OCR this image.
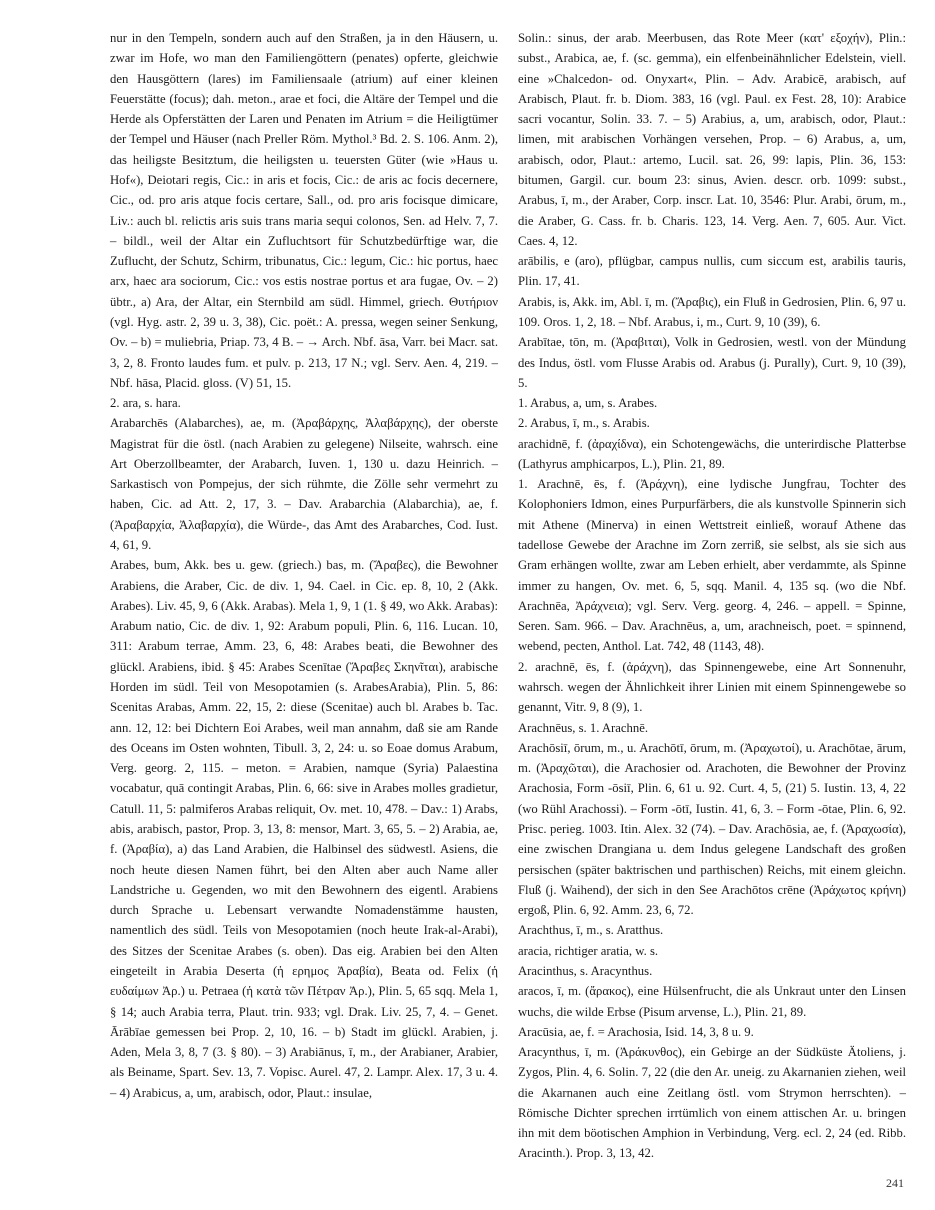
nur in den Tempeln, sondern auch auf den Straßen, ja in den Häusern, u. zwar im Hofe, wo man den Familiengöttern (penates) opferte, gleichwie den Hausgöttern (lares) im Familiensaale (atrium) auf einer kleinen Feuerstätte (focus); dah. meton., arae et foci, die Altäre der Tempel und die Herde als Opferstätten der Laren und Penaten im Atrium = die Heiligtümer der Tempel und Häuser (nach Preller Röm. Mythol.³ Bd. 2. S. 106. Anm. 2), das heiligste Besitztum, die heiligsten u. teuersten Güter (wie »Haus u. Hof«), Deiotari regis, Cic.: in aris et focis, Cic.: de aris ac focis decernere, Cic., od. pro aris atque focis certare, Sall., od. pro aris focisque dimicare, Liv.: auch bl. relictis aris suis trans maria sequi colonos, Sen. ad Helv. 7, 7. – bildl., weil der Altar ein Zufluchtsort für Schutzbedürftige war, die Zuflucht, der Schutz, Schirm, tribunatus, Cic.: legum, Cic.: hic portus, haec arx, haec ara sociorum, Cic.: vos estis nostrae portus et ara fugae, Ov. – 2) übtr., a) Ara, der Altar, ein Sternbild am südl. Himmel, griech. Θυτήριον (vgl. Hyg. astr. 2, 39 u. 3, 38), Cic. poët.: A. pressa, wegen seiner Senkung, Ov. – b) = muliebria, Priap. 73, 4 B. – → Arch. Nbf. āsa, Varr. bei Macr. sat. 3, 2, 8. Fronto laudes fum. et pulv. p. 213, 17 N.; vgl. Serv. Aen. 4, 219. – Nbf. hāsa, Placid. gloss. (V) 51, 15.

2. ara, s. hara.

Arabarchēs (Alabarches), ae, m. (Ἀραβάρχης, Ἀλαβάρχης), der oberste Magistrat für die östl. (nach Arabien zu gelegene) Nilseite, wahrsch. eine Art Oberzollbeamter, der Arabarch, Iuven. 1, 130 u. dazu Heinrich. – Sarkastisch von Pompejus, der sich rühmte, die Zölle sehr vermehrt zu haben, Cic. ad Att. 2, 17, 3. – Dav. Arabarchia (Alabarchia), ae, f. (Ἀραβαρχία, Ἀλαβαρχία), die Würde-, das Amt des Arabarches, Cod. Iust. 4, 61, 9.

Arabes, bum, Akk. bes u. gew. (griech.) bas, m. (Ἄραβες), die Bewohner Arabiens, die Araber, Cic. de div. 1, 94. Cael. in Cic. ep. 8, 10, 2 (Akk. Arabes). Liv. 45, 9, 6 (Akk. Arabas). Mela 1, 9, 1 (1. § 49, wo Akk. Arabas): Arabum natio, Cic. de div. 1, 92: Arabum populi, Plin. 6, 116. Lucan. 10, 311: Arabum terrae, Amm. 23, 6, 48: Arabes beati, die Bewohner des glückl. Arabiens, ibid. § 45: Arabes Scenītae (Ἄραβες Σκηνῖται), arabische Horden im südl. Teil von Mesopotamien (s. ArabesArabia), Plin. 5, 86: Scenitas Arabas, Amm. 22, 15, 2: diese (Scenitae) auch bl. Arabes b. Tac. ann. 12, 12: bei Dichtern Eoi Arabes, weil man annahm, daß sie am Rande des Oceans im Osten wohnten, Tibull. 3, 2, 24: u. so Eoae domus Arabum, Verg. georg. 2, 115. – meton. = Arabien, namque (Syria) Palaestina vocabatur, quā contingit Arabas, Plin. 6, 66: sive in Arabes molles gradietur, Catull. 11, 5: palmiferos Arabas reliquit, Ov. met. 10, 478. – Dav.: 1) Arabs, abis, arabisch, pastor, Prop. 3, 13, 8: mensor, Mart. 3, 65, 5. – 2) Arabia, ae, f. (Ἀραβία), a) das Land Arabien, die Halbinsel des südwestl. Asiens, die noch heute diesen Namen führt, bei den Alten aber auch Name aller Landstriche u. Gegenden, wo mit den Bewohnern des eigentl. Arabiens durch Sprache u. Lebensart verwandte Nomadenstämme hausten, namentlich des südl. Teils von Mesopotamien (noch heute Irak-al-Arabi), des Sitzes der Scenitae Arabes (s. oben). Das eig. Arabien bei den Alten eingeteilt in Arabia Deserta (ἡ ερημος Ἀραβία), Beata od. Felix (ἡ ευδαίμων Ἀρ.) u. Petraea (ἡ κατὰ τῶν Πέτραν Ἀρ.), Plin. 5, 65 sqq. Mela 1, § 14; auch Arabia terra, Plaut. trin. 933; vgl. Drak. Liv. 25, 7, 4. – Genet. Ārābīae gemessen bei Prop. 2, 10, 16. – b) Stadt im glückl. Arabien, j. Aden, Mela 3, 8, 7 (3. § 80). – 3) Arabiānus, ī, m., der Arabianer, Arabier, als Beiname, Spart. Sev. 13, 7. Vopisc. Aurel. 47, 2. Lampr. Alex. 17, 3 u. 4. – 4) Arabicus, a, um, arabisch, odor, Plaut.: insulae,

Solin.: sinus, der arab. Meerbusen, das Rote Meer (κατ' εξοχήν), Plin.: subst., Arabica, ae, f. (sc. gemma), ein elfenbeinähnlicher Edelstein, viell. eine »Chalcedon- od. Onyxart«, Plin. – Adv. Arabicē, arabisch, auf Arabisch, Plaut. fr. b. Diom. 383, 16 (vgl. Paul. ex Fest. 28, 10): Arabice sacri vocantur, Solin. 33. 7. – 5) Arabius, a, um, arabisch, odor, Plaut.: limen, mit arabischen Vorhängen versehen, Prop. – 6) Arabus, a, um, arabisch, odor, Plaut.: artemo, Lucil. sat. 26, 99: lapis, Plin. 36, 153: bitumen, Gargil. cur. boum 23: sinus, Avien. descr. orb. 1099: subst., Arabus, ī, m., der Araber, Corp. inscr. Lat. 10, 3546: Plur. Arabi, ōrum, m., die Araber, G. Cass. fr. b. Charis. 123, 14. Verg. Aen. 7, 605. Aur. Vict. Caes. 4, 12.

arābilis, e (aro), pflügbar, campus nullis, cum siccum est, arabilis tauris, Plin. 17, 41.

Arabis, is, Akk. im, Abl. ī, m. (Ἄραβις), ein Fluß in Gedrosien, Plin. 6, 97 u. 109. Oros. 1, 2, 18. – Nbf. Arabus, i, m., Curt. 9, 10 (39), 6.

Arabītae, tōn, m. (Ἀραβιται), Volk in Gedrosien, westl. von der Mündung des Indus, östl. vom Flusse Arabis od. Arabus (j. Purally), Curt. 9, 10 (39), 5.

1. Arabus, a, um, s. Arabes.

2. Arabus, ī, m., s. Arabis.

arachidnē, f. (ἀραχίδνα), ein Schotengewächs, die unterirdische Platterbse (Lathyrus amphicarpos, L.), Plin. 21, 89.

1. Arachnē, ēs, f. (Ἀράχνη), eine lydische Jungfrau, Tochter des Kolophoniers Idmon, eines Purpurfärbers, die als kunstvolle Spinnerin sich mit Athene (Minerva) in einen Wettstreit einließ, worauf Athene das tadellose Gewebe der Arachne im Zorn zerriß, sie selbst, als sie sich aus Gram erhängen wollte, zwar am Leben erhielt, aber verdammte, als Spinne immer zu hangen, Ov. met. 6, 5, sqq. Manil. 4, 135 sq. (wo die Nbf. Arachnēa, Ἀράχνεια); vgl. Serv. Verg. georg. 4, 246. – appell. = Spinne, Seren. Sam. 966. – Dav. Arachnēus, a, um, arachneisch, poet. = spinnend, webend, pecten, Anthol. Lat. 742, 48 (1143, 48).

2. arachnē, ēs, f. (ἀράχνη), das Spinnengewebe, eine Art Sonnenuhr, wahrsch. wegen der Ähnlichkeit ihrer Linien mit einem Spinnengewebe so genannt, Vitr. 9, 8 (9), 1.

Arachnēus, s. 1. Arachnē.

Arachōsiī, ōrum, m., u. Arachōtī, ōrum, m. (Ἀραχωτοί), u. Arachōtae, ārum, m. (Ἀραχῶται), die Arachosier od. Arachoten, die Bewohner der Provinz Arachosia, Form -ōsiī, Plin. 6, 61 u. 92. Curt. 4, 5, (21) 5. Iustin. 13, 4, 22 (wo Rühl Arachossi). – Form -ōtī, Iustin. 41, 6, 3. – Form -ōtae, Plin. 6, 92. Prisc. perieg. 1003. Itin. Alex. 32 (74). – Dav. Arachōsia, ae, f. (Ἀραχωσία), eine zwischen Drangiana u. dem Indus gelegene Landschaft des großen persischen (später baktrischen und parthischen) Reichs, mit einem gleichn. Fluß (j. Waihend), der sich in den See Arachōtos crēne (Ἀράχωτος κρήνη) ergoß, Plin. 6, 92. Amm. 23, 6, 72.

Arachthus, ī, m., s. Aratthus.

aracia, richtiger aratia, w. s.

Aracinthus, s. Aracynthus.

aracos, ī, m. (ἄρακος), eine Hülsenfrucht, die als Unkraut unter den Linsen wuchs, die wilde Erbse (Pisum arvense, L.), Plin. 21, 89.

Aracūsia, ae, f. = Arachosia, Isid. 14, 3, 8 u. 9.

Aracynthus, ī, m. (Ἀράκυνθος), ein Gebirge an der Südküste Ätoliens, j. Zygos, Plin. 4, 6. Solin. 7, 22 (die den Ar. uneig. zu Akarnanien ziehen, weil die Akarnanen auch eine Zeitlang östl. vom Strymon herrschten). – Römische Dichter sprechen irrtümlich von einem attischen Ar. u. bringen ihn mit dem böotischen Amphion in Verbindung, Verg. ecl. 2, 24 (ed. Ribb. Aracinth.). Prop. 3, 13, 42.

241
